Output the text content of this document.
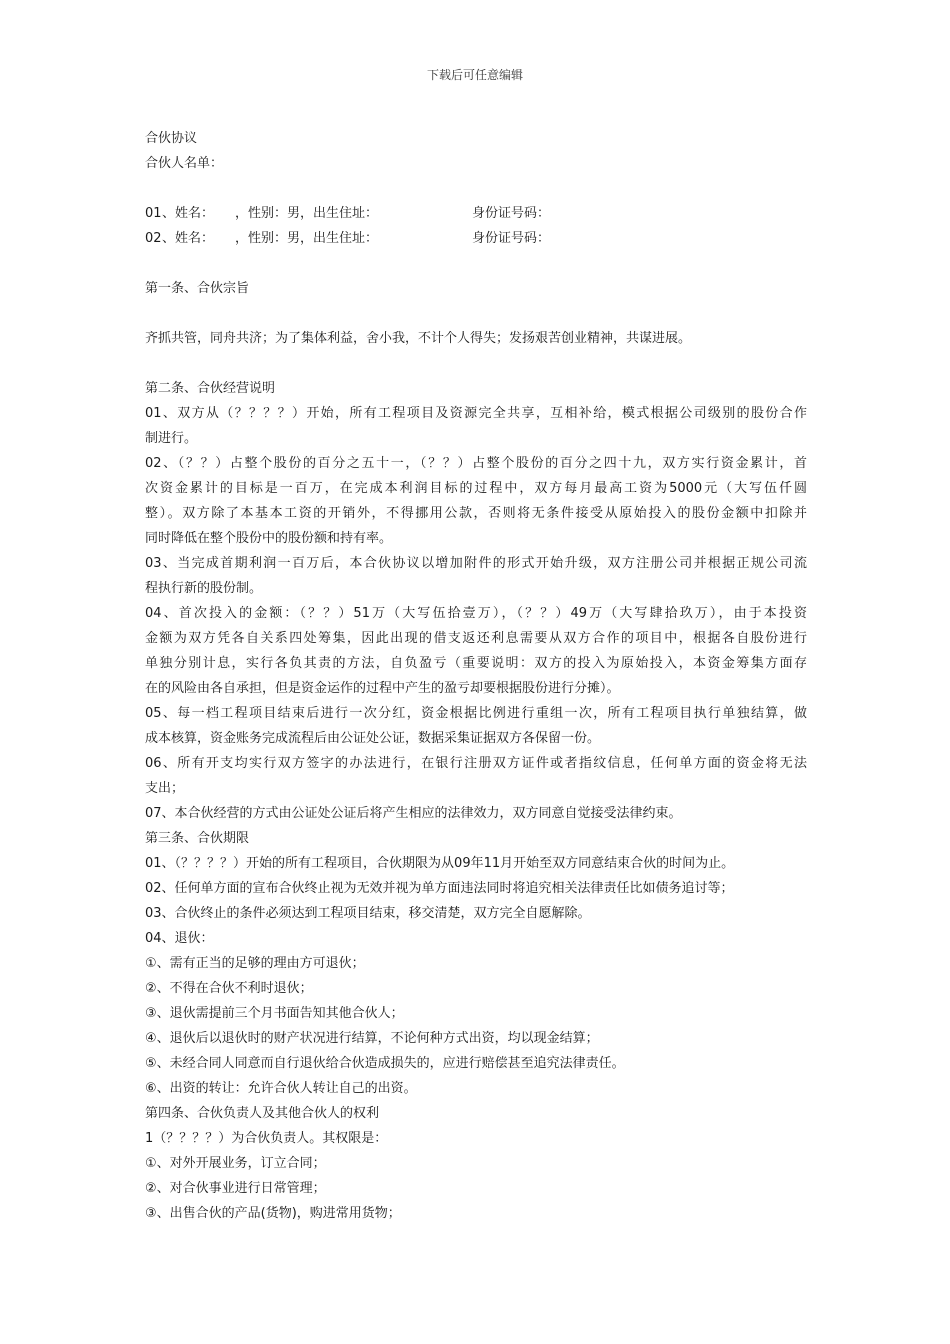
下载后可任意编辑
合伙协议
合伙人名单：
01 、姓名： ，性别：男，出生住址：	身份证号码：
02 、姓名： ，性别：男，出生住址：	身份证号码：
第一条、合伙宗旨
齐抓共管，同舟共济；为了集体利益，舍小我，不计个人得失；发扬艰苦创业精神，共谋进展。
第二条、合伙经营说明
01、双方从（？？？？）开始，所有工程项目及资源完全共享，互相补给，模式根据公司级别的股份合作
制进行。
02、（？？）占整个股份的百分之五十一，（？？）占整个股份的百分之四十九，双方实行资金累计，首
次资金累计的目标是一百万，在完成本利润目标的过程中，双方每月最高工资为5000元（大写伍仟圆
整）。双方除了本基本工资的开销外，不得挪用公款，否则将无条件接受从原始投入的股份金额中扣除并
同时降低在整个股份中的股份额和持有率。
03、当完成首期利润一百万后，本合伙协议以增加附件的形式开始升级，双方注册公司并根据正规公司流
程执行新的股份制。
04、首次投入的金额：（？？）51万（大写伍拾壹万），（？？）49万（大写肆拾玖万），由于本投资
金额为双方凭各自关系四处筹集，因此出现的借支返还利息需要从双方合作的项目中，根据各自股份进行
单独分别计息，实行各负其责的方法，自负盈亏（重要说明：双方的投入为原始投入，本资金筹集方面存
在的风险由各自承担，但是资金运作的过程中产生的盈亏却要根据股份进行分摊）。
05、每一档工程项目结束后进行一次分红，资金根据比例进行重组一次，所有工程项目执行单独结算，做
成本核算，资金账务完成流程后由公证处公证，数据采集证据双方各保留一份。
06、所有开支均实行双方签字的办法进行，在银行注册双方证件或者指纹信息，任何单方面的资金将无法
支出；
07、本合伙经营的方式由公证处公证后将产生相应的法律效力，双方同意自觉接受法律约束。
第三条、合伙期限
01、（？？？？）开始的所有工程项目，合伙期限为从09年11月开始至双方同意结束合伙的时间为止。
02、任何单方面的宣布合伙终止视为无效并视为单方面违法同时将追究相关法律责任比如债务追讨等；
03、合伙终止的条件必须达到工程项目结束，移交清楚，双方完全自愿解除。
04、退伙：
①、需有正当的足够的理由方可退伙；
②、不得在合伙不利时退伙；
③、退伙需提前三个月书面告知其他合伙人；
④、退伙后以退伙时的财产状况进行结算，不论何种方式出资，均以现金结算；
⑤、未经合同人同意而自行退伙给合伙造成损失的，应进行赔偿甚至追究法律责任。
⑥、出资的转让：允许合伙人转让自己的出资。
第四条、合伙负责人及其他合伙人的权利
1（？？？？）为合伙负责人。其权限是：
①、对外开展业务，订立合同；
②、对合伙事业进行日常管理；
③、出售合伙的产品(货物)，购进常用货物；
